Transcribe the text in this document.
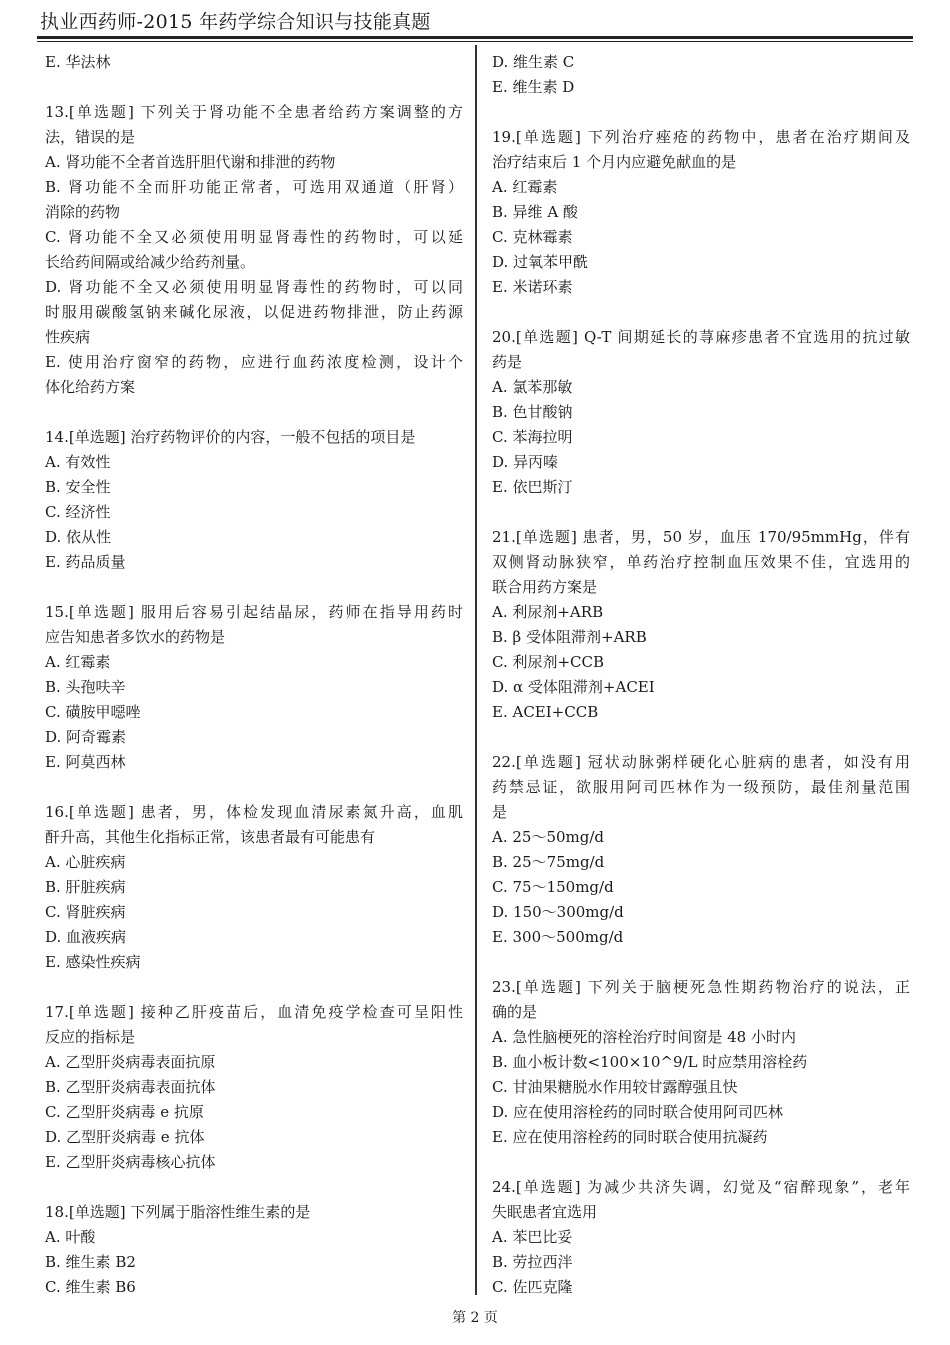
执业西药师-2015 年药学综合知识与技能真题
E. 华法林
13.[单选题] 下列关于肾功能不全患者给药方案调整的方
法，错误的是
A. 肾功能不全者首选肝胆代谢和排泄的药物
B. 肾功能不全而肝功能正常者，可选用双通道（肝肾）
消除的药物
C. 肾功能不全又必须使用明显肾毒性的药物时，可以延
长给药间隔或给减少给药剂量。
D. 肾功能不全又必须使用明显肾毒性的药物时，可以同
时服用碳酸氢钠来碱化尿液，以促进药物排泄，防止药源
性疾病
E. 使用治疗窗窄的药物，应进行血药浓度检测，设计个
体化给药方案
14.[单选题] 治疗药物评价的内容，一般不包括的项目是
A. 有效性
B. 安全性
C. 经济性
D. 依从性
E. 药品质量
15.[单选题] 服用后容易引起结晶尿，药师在指导用药时
应告知患者多饮水的药物是
A. 红霉素
B. 头孢呋辛
C. 磺胺甲噁唑
D. 阿奇霉素
E. 阿莫西林
16.[单选题] 患者，男，体检发现血清尿素氮升高，血肌
酐升高，其他生化指标正常，该患者最有可能患有
A. 心脏疾病
B. 肝脏疾病
C. 肾脏疾病
D. 血液疾病
E. 感染性疾病
17.[单选题] 接种乙肝疫苗后，血清免疫学检查可呈阳性
反应的指标是
A. 乙型肝炎病毒表面抗原
B. 乙型肝炎病毒表面抗体
C. 乙型肝炎病毒 e 抗原
D. 乙型肝炎病毒 e 抗体
E. 乙型肝炎病毒核心抗体
18.[单选题] 下列属于脂溶性维生素的是
A. 叶酸
B. 维生素 B2
C. 维生素 B6
D. 维生素 C
E. 维生素 D
19.[单选题] 下列治疗痤疮的药物中，患者在治疗期间及
治疗结束后 1 个月内应避免献血的是
A. 红霉素
B. 异维 A 酸
C. 克林霉素
D. 过氧苯甲酰
E. 米诺环素
20.[单选题] Q-T 间期延长的荨麻疹患者不宜选用的抗过敏
药是
A. 氯苯那敏
B. 色甘酸钠
C. 苯海拉明
D. 异丙嗪
E. 依巴斯汀
21.[单选题] 患者，男，50 岁，血压 170/95mmHg，伴有
双侧肾动脉狭窄，单药治疗控制血压效果不佳，宜选用的
联合用药方案是
A. 利尿剂+ARB
B. β 受体阻滞剂+ARB
C. 利尿剂+CCB
D. α 受体阻滞剂+ACEI
E. ACEI+CCB
22.[单选题] 冠状动脉粥样硬化心脏病的患者，如没有用
药禁忌证，欲服用阿司匹林作为一级预防，最佳剂量范围
是
A. 25～50mg/d
B. 25～75mg/d
C. 75～150mg/d
D. 150～300mg/d
E. 300～500mg/d
23.[单选题] 下列关于脑梗死急性期药物治疗的说法，正
确的是
A. 急性脑梗死的溶栓治疗时间窗是 48 小时内
B. 血小板计数<100×10^9/L 时应禁用溶栓药
C. 甘油果糖脱水作用较甘露醇强且快
D. 应在使用溶栓药的同时联合使用阿司匹林
E. 应在使用溶栓药的同时联合使用抗凝药
24.[单选题] 为减少共济失调，幻觉及“宿醉现象”，老年
失眠患者宜选用
A. 苯巴比妥
B. 劳拉西泮
C. 佐匹克隆
第 2 页
